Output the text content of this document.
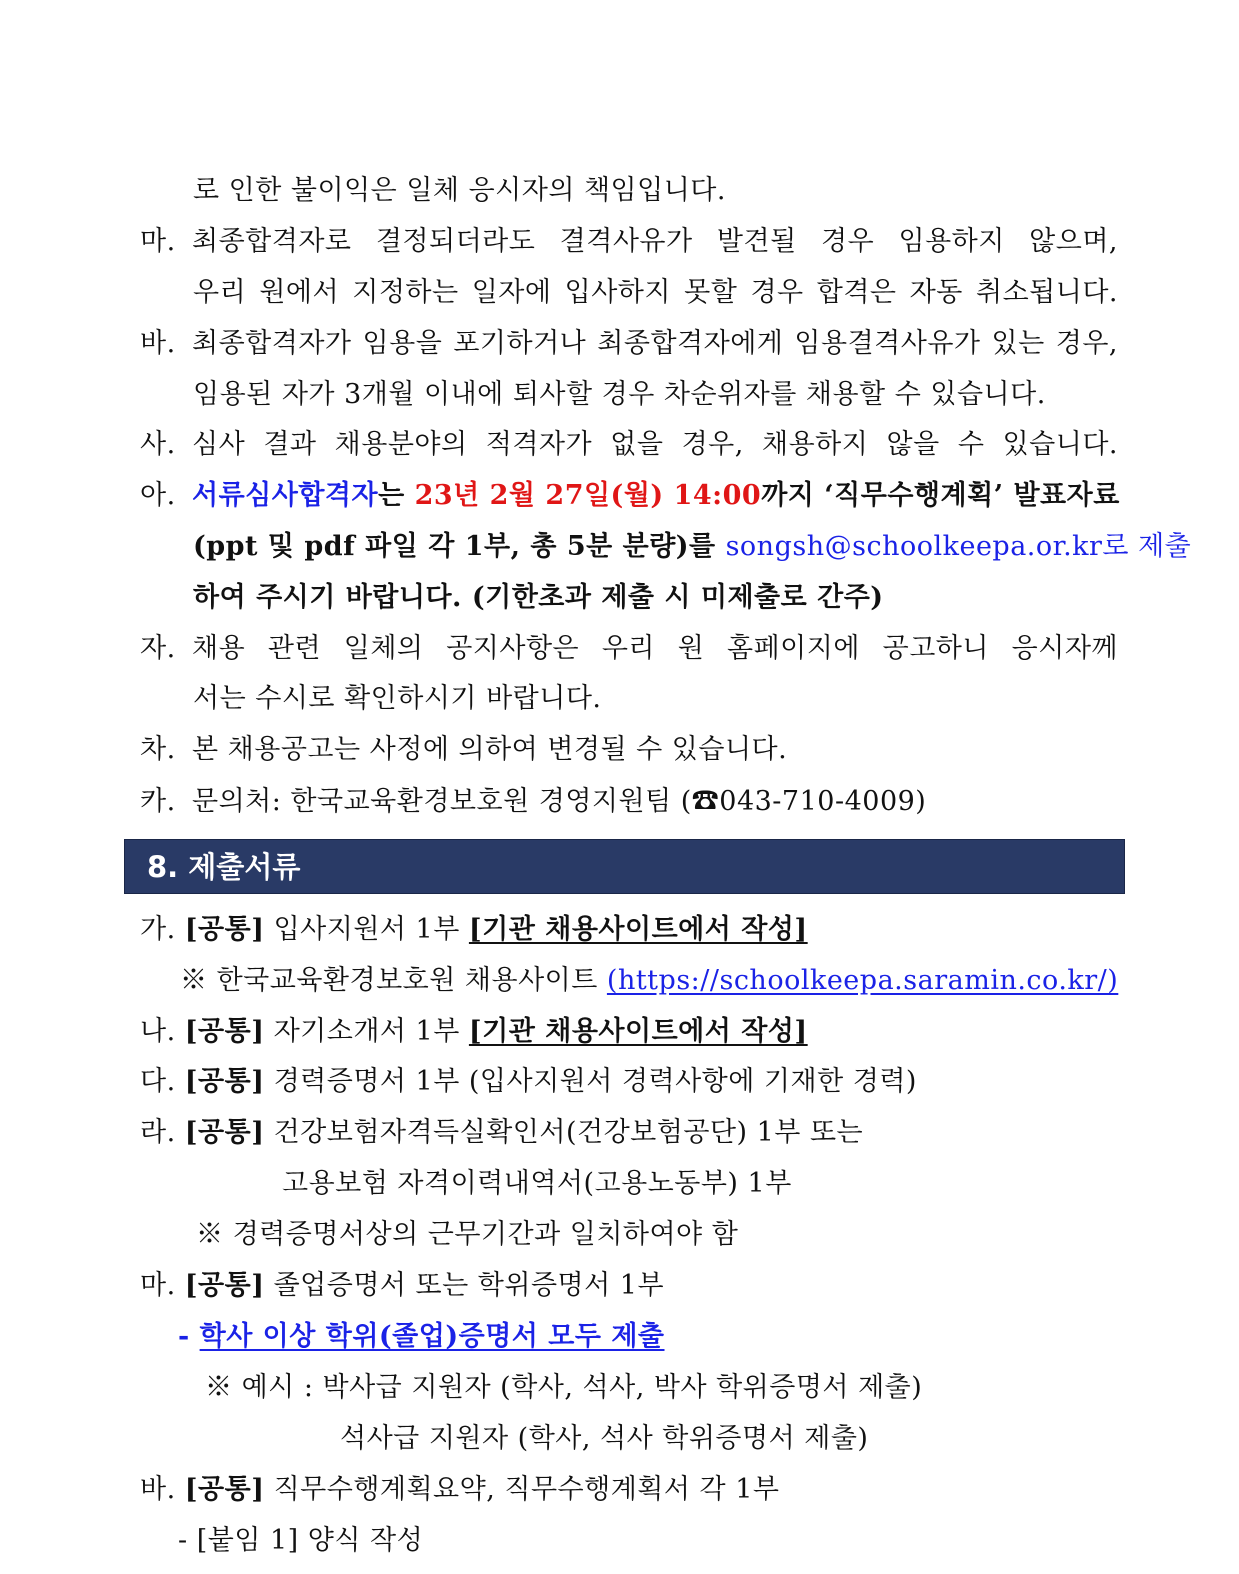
로 인한 불이익은 일체 응시자의 책임입니다.
마. 최종합격자로 결정되더라도 결격사유가 발견될 경우 임용하지 않으며,
우리 원에서 지정하는 일자에 입사하지 못할 경우 합격은 자동 취소됩니다.
바. 최종합격자가 임용을 포기하거나 최종합격자에게 임용결격사유가 있는 경우,
임용된 자가 3개월 이내에 퇴사할 경우 차순위자를 채용할 수 있습니다.
사. 심사 결과 채용분야의 적격자가 없을 경우, 채용하지 않을 수 있습니다.
아. 서류심사합격자는 23년 2월 27일(월) 14:00까지 ‘직무수행계획’ 발표자료
(ppt 및 pdf 파일 각 1부, 총 5분 분량)를 songsh@schoolkeepa.or.kr로 제출
하여 주시기 바랍니다. (기한초과 제출 시 미제출로 간주)
자. 채용 관련 일체의 공지사항은 우리 원 홈페이지에 공고하니 응시자께
서는 수시로 확인하시기 바랍니다.
차. 본 채용공고는 사정에 의하여 변경될 수 있습니다.
카. 문의처: 한국교육환경보호원 경영지원팀 (☎043-710-4009)
8. 제출서류
가. [공통] 입사지원서 1부 [기관 채용사이트에서 작성]
※ 한국교육환경보호원 채용사이트 (https://schoolkeepa.saramin.co.kr/)
나. [공통] 자기소개서 1부 [기관 채용사이트에서 작성]
다. [공통] 경력증명서 1부 (입사지원서 경력사항에 기재한 경력)
라. [공통] 건강보험자격득실확인서(건강보험공단) 1부 또는
고용보험 자격이력내역서(고용노동부) 1부
※ 경력증명서상의 근무기간과 일치하여야 함
마. [공통] 졸업증명서 또는 학위증명서 1부
- 학사 이상 학위(졸업)증명서 모두 제출
※ 예시 : 박사급 지원자 (학사, 석사, 박사 학위증명서 제출)
석사급 지원자 (학사, 석사 학위증명서 제출)
바. [공통] 직무수행계획요약, 직무수행계획서 각 1부
- [붙임 1] 양식 작성
